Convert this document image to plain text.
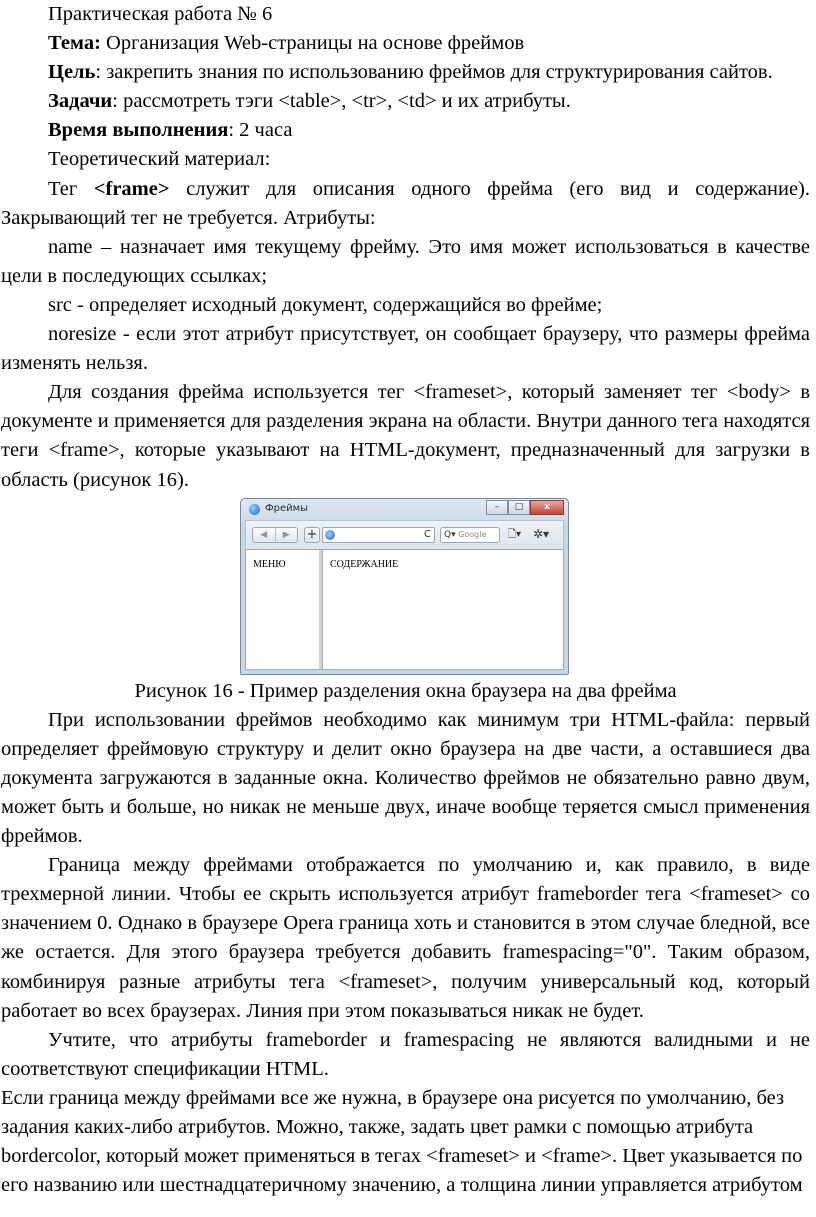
Практическая работа № 6

Тема: Организация Web-страницы на основе фреймов

Цель: закрепить знания по использованию фреймов для структурирования сайтов.

Задачи: рассмотреть тэги <table>, <tr>, <td> и их атрибуты.

Время выполнения: 2 часа

Теоретический материал:

Тег <frame> служит для описания одного фрейма (его вид и содержание). Закрывающий тег не требуется. Атрибуты:

name – назначает имя текущему фрейму. Это имя может использоваться в качестве цели в последующих ссылках;

src - определяет исходный документ, содержащийся во фрейме;

noresize - если этот атрибут присутствует, он сообщает браузеру, что размеры фрейма изменять нельзя.

Для создания фрейма используется тег <frameset>, который заменяет тег <body> в документе и применяется для разделения экрана на области. Внутри данного тега находятся теги <frame>, которые указывают на HTML-документ, предназначенный для загрузки в область (рисунок 16).

Фреймы	–	□	x
◀	▶	+	C	Q▾ Google	🗋▾ ✲▾
МЕНЮ	СОДЕРЖАНИЕ

Рисунок 16 - Пример разделения окна браузера на два фрейма

При использовании фреймов необходимо как минимум три HTML-файла: первый определяет фреймовую структуру и делит окно браузера на две части, а оставшиеся два документа загружаются в заданные окна. Количество фреймов не обязательно равно двум, может быть и больше, но никак не меньше двух, иначе вообще теряется смысл применения фреймов.

Граница между фреймами отображается по умолчанию и, как правило, в виде трехмерной линии. Чтобы ее скрыть используется атрибут frameborder тега <frameset> со значением 0. Однако в браузере Opera граница хоть и становится в этом случае бледной, все же остается. Для этого браузера требуется добавить framespacing="0". Таким образом, комбинируя разные атрибуты тега <frameset>, получим универсальный код, который работает во всех браузерах. Линия при этом показываться никак не будет.

Учтите, что атрибуты frameborder и framespacing не являются валидными и не соответствуют спецификации HTML.

Если граница между фреймами все же нужна, в браузере она рисуется по умолчанию, без задания каких-либо атрибутов. Можно, также, задать цвет рамки с помощью атрибута bordercolor, который может применяться в тегах <frameset> и <frame>. Цвет указывается по его названию или шестнадцатеричному значению, а толщина линии управляется атрибутом
